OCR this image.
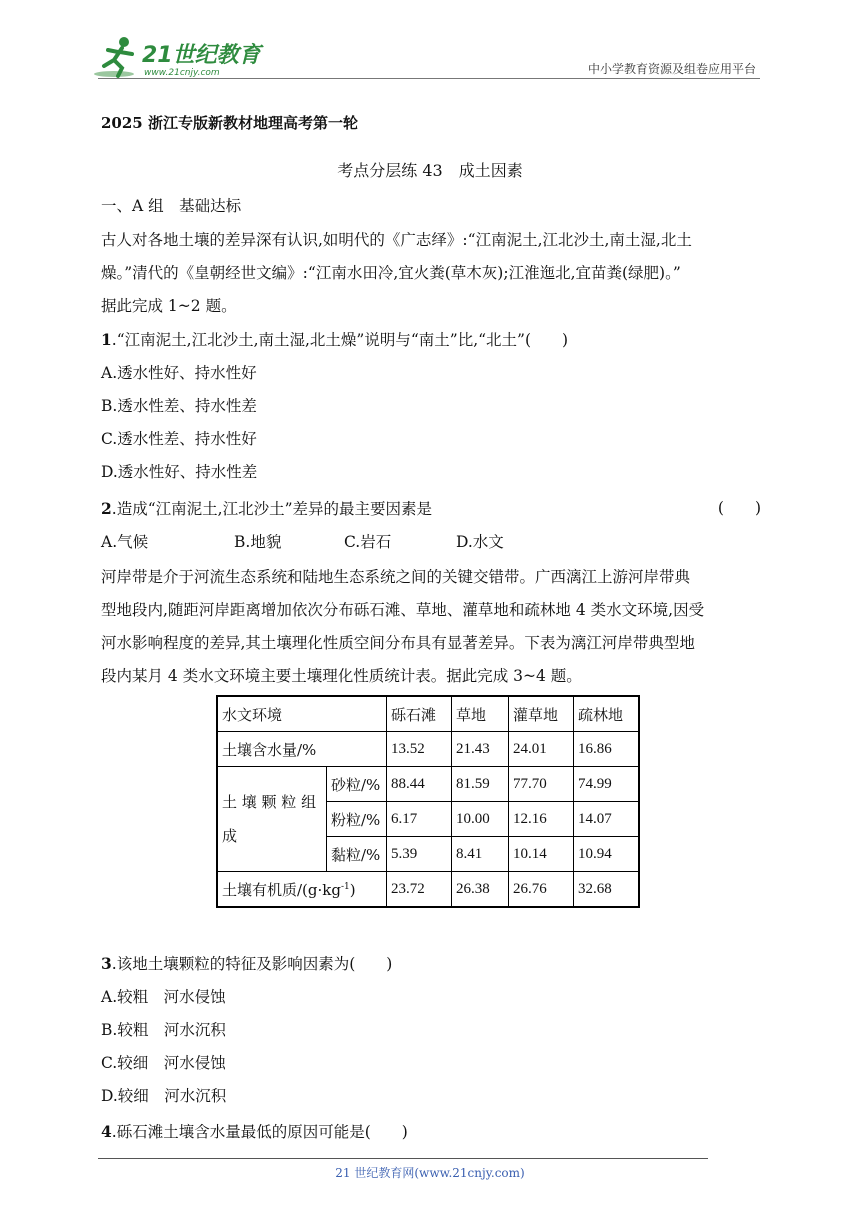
21世纪教育
www.21cnjy.com	中小学教育资源及组卷应用平台
2025 浙江专版新教材地理高考第一轮
考点分层练 43　成土因素
一、A 组　基础达标

古人对各地土壤的差异深有认识,如明代的《广志绎》:“江南泥土,江北沙土,南土湿,北土

燥。”清代的《皇朝经世文编》:“江南水田冷,宜火粪(草木灰);江淮迤北,宜苗粪(绿肥)。”

据此完成 1~2 题。

1.“江南泥土,江北沙土,南土湿,北土燥”说明与“南土”比,“北土”(　　)

A.透水性好、持水性好

B.透水性差、持水性差

C.透水性差、持水性好

D.透水性好、持水性差

2.造成“江南泥土,江北沙土”差异的最主要因素是	(　　)

A.气候	B.地貌	C.岩石	D.水文

河岸带是介于河流生态系统和陆地生态系统之间的关键交错带。广西漓江上游河岸带典

型地段内,随距河岸距离增加依次分布砾石滩、草地、灌草地和疏林地 4 类水文环境,因受

河水影响程度的差异,其土壤理化性质空间分布具有显著差异。下表为漓江河岸带典型地

段内某月 4 类水文环境主要土壤理化性质统计表。据此完成 3~4 题。

水文环境		砾石滩	草地	灌草地	疏林地
土壤含水量/%		13.52	21.43	24.01	16.86

土 壤 颗 粒 组
成	砂粒/%	88.44	81.59	77.70	74.99
	粉粒/%	6.17	10.00	12.16	14.07
	黏粒/%	5.39	8.41	10.14	10.94
土壤有机质$/(g\cdot kg^{-1})$		23.72	26.38	26.76	32.68

3.该地土壤颗粒的特征及影响因素为(　　)

A.较粗　河水侵蚀

B.较粗　河水沉积

C.较细　河水侵蚀

D.较细　河水沉积

4.砾石滩土壤含水量最低的原因可能是(　　)

21 世纪教育网(www.21cnjy.com)
